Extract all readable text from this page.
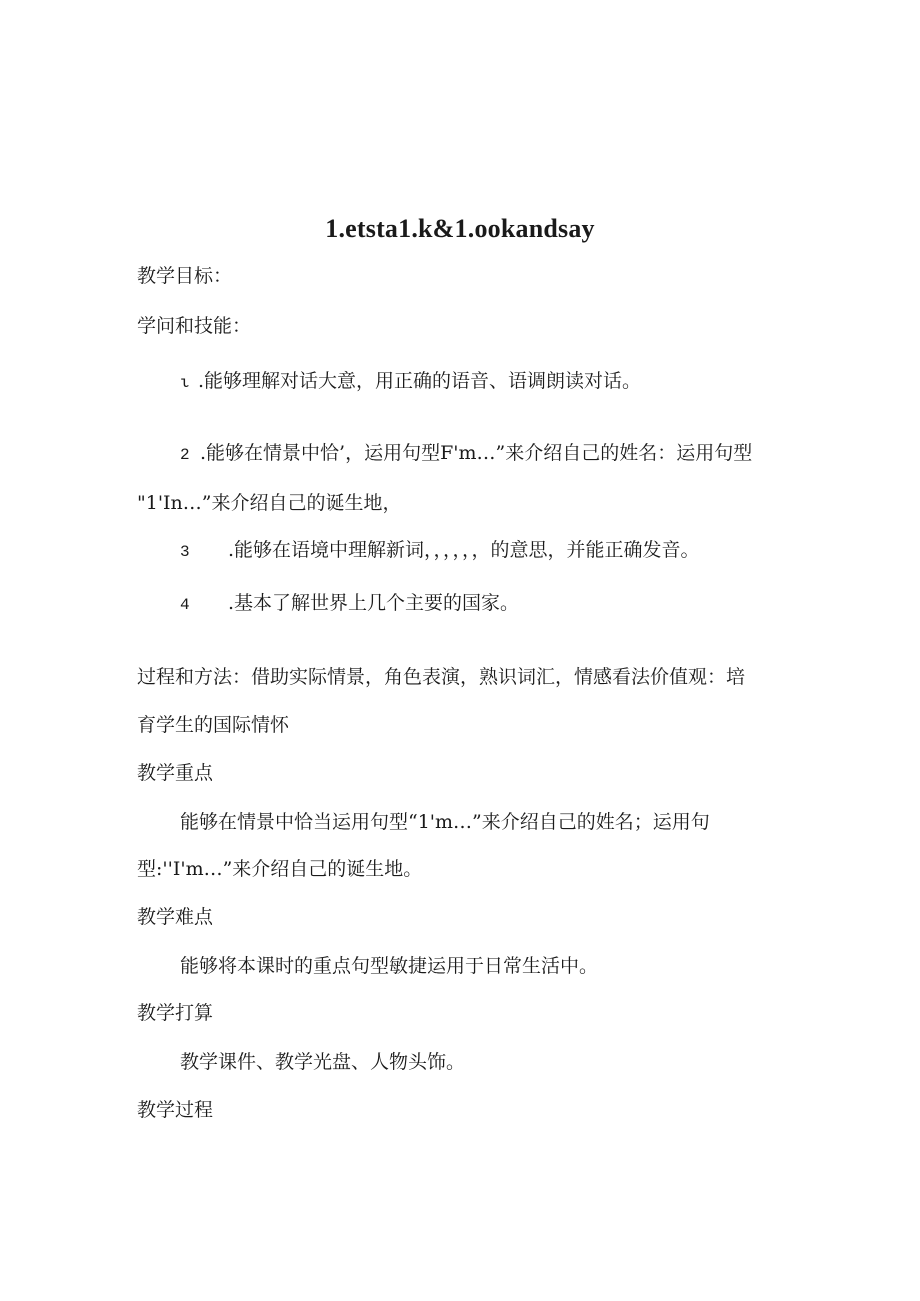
1.etsta1.k&1.ookandsay
教学目标：
学问和技能：
ι .能够理解对话大意，用正确的语音、语调朗读对话。
2 .能够在情景中恰’，运用句型F'm…”来介绍自己的姓名：运用句型
"1'In…”来介绍自己的诞生地，
3 .能够在语境中理解新词，，，，，，的意思，并能正确发音。
4 .基本了解世界上几个主要的国家。
过程和方法：借助实际情景，角色表演，熟识词汇，情感看法价值观：培
育学生的国际情怀
教学重点
能够在情景中恰当运用句型“1'm…”来介绍自己的姓名；运用句
型:''I'm…”来介绍自己的诞生地。
教学难点
能够将本课时的重点句型敏捷运用于日常生活中。
教学打算
教学课件、教学光盘、人物头饰。
教学过程
